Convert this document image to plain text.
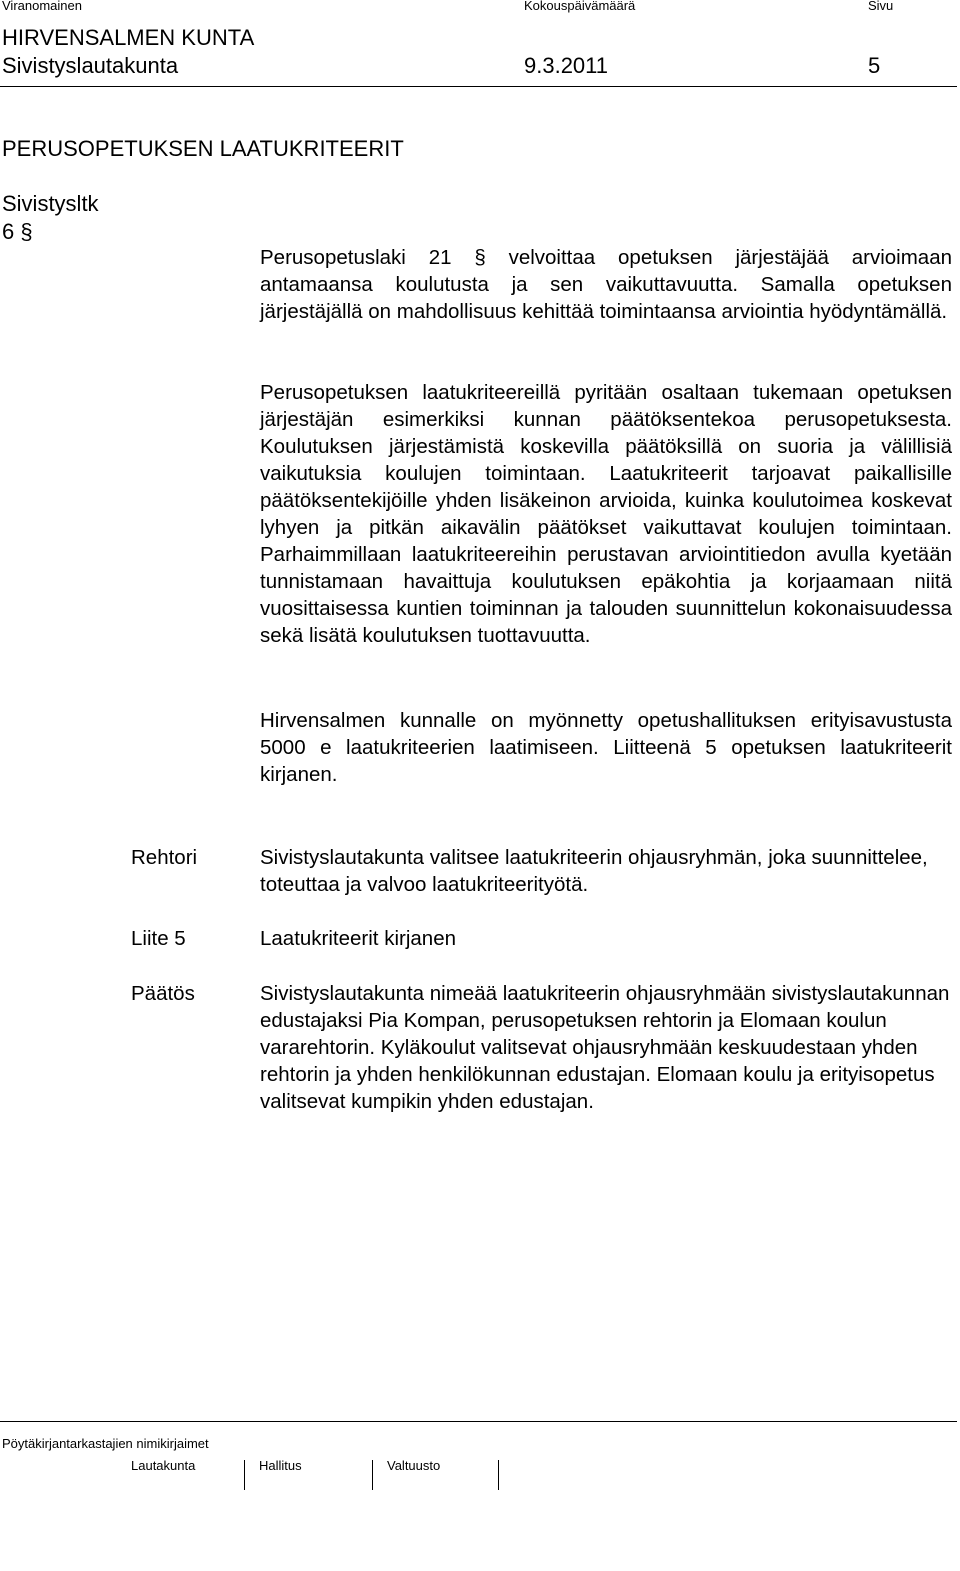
Viranomainen	Kokouspäivämäärä	Sivu
HIRVENSALMEN KUNTA
Sivistyslautakunta	9.3.2011	5
PERUSOPETUKSEN LAATUKRITEERIT
Sivistysltk
6 §
Perusopetuslaki 21 § velvoittaa opetuksen järjestäjää arvioimaan antamaansa koulutusta ja sen vaikuttavuutta. Samalla opetuksen järjestäjällä on mahdollisuus kehittää toimintaansa arviointia hyödyntämällä.
Perusopetuksen laatukriteereillä pyritään osaltaan tukemaan opetuksen järjestäjän esimerkiksi kunnan päätöksentekoa perusopetuksesta. Koulutuksen järjestämistä koskevilla päätöksillä on suoria ja välillisiä vaikutuksia koulujen toimintaan. Laatukriteerit tarjoavat paikallisille päätöksentekijöille yhden lisäkeinon arvioida, kuinka koulutoimea koskevat lyhyen ja pitkän aikavälin päätökset vaikuttavat koulujen toimintaan. Parhaimmillaan laatukriteereihin perustavan arviointitiedon avulla kyetään tunnistamaan havaittuja koulutuksen epäkohtia ja korjaamaan niitä vuosittaisessa kuntien toiminnan ja talouden suunnittelun kokonaisuudessa sekä lisätä koulutuksen tuottavuutta.
Hirvensalmen kunnalle on myönnetty opetushallituksen erityisavustusta 5000 e laatukriteerien laatimiseen. Liitteenä 5 opetuksen laatukriteerit kirjanen.
Rehtori	Sivistyslautakunta valitsee laatukriteerin ohjausryhmän, joka suunnittelee, toteuttaa ja valvoo laatukriteerityötä.
Liite 5	Laatukriteerit kirjanen
Päätös	Sivistyslautakunta nimeää laatukriteerin ohjausryhmään sivistyslautakunnan edustajaksi Pia Kompan, perusopetuksen rehtorin ja Elomaan koulun vararehtorin. Kyläkoulut valitsevat ohjausryhmään keskuudestaan yhden rehtorin ja yhden henkilökunnan edustajan. Elomaan koulu ja erityisopetus valitsevat kumpikin yhden edustajan.
Pöytäkirjantarkastajien nimikirjaimet
Lautakunta	Hallitus	Valtuusto
